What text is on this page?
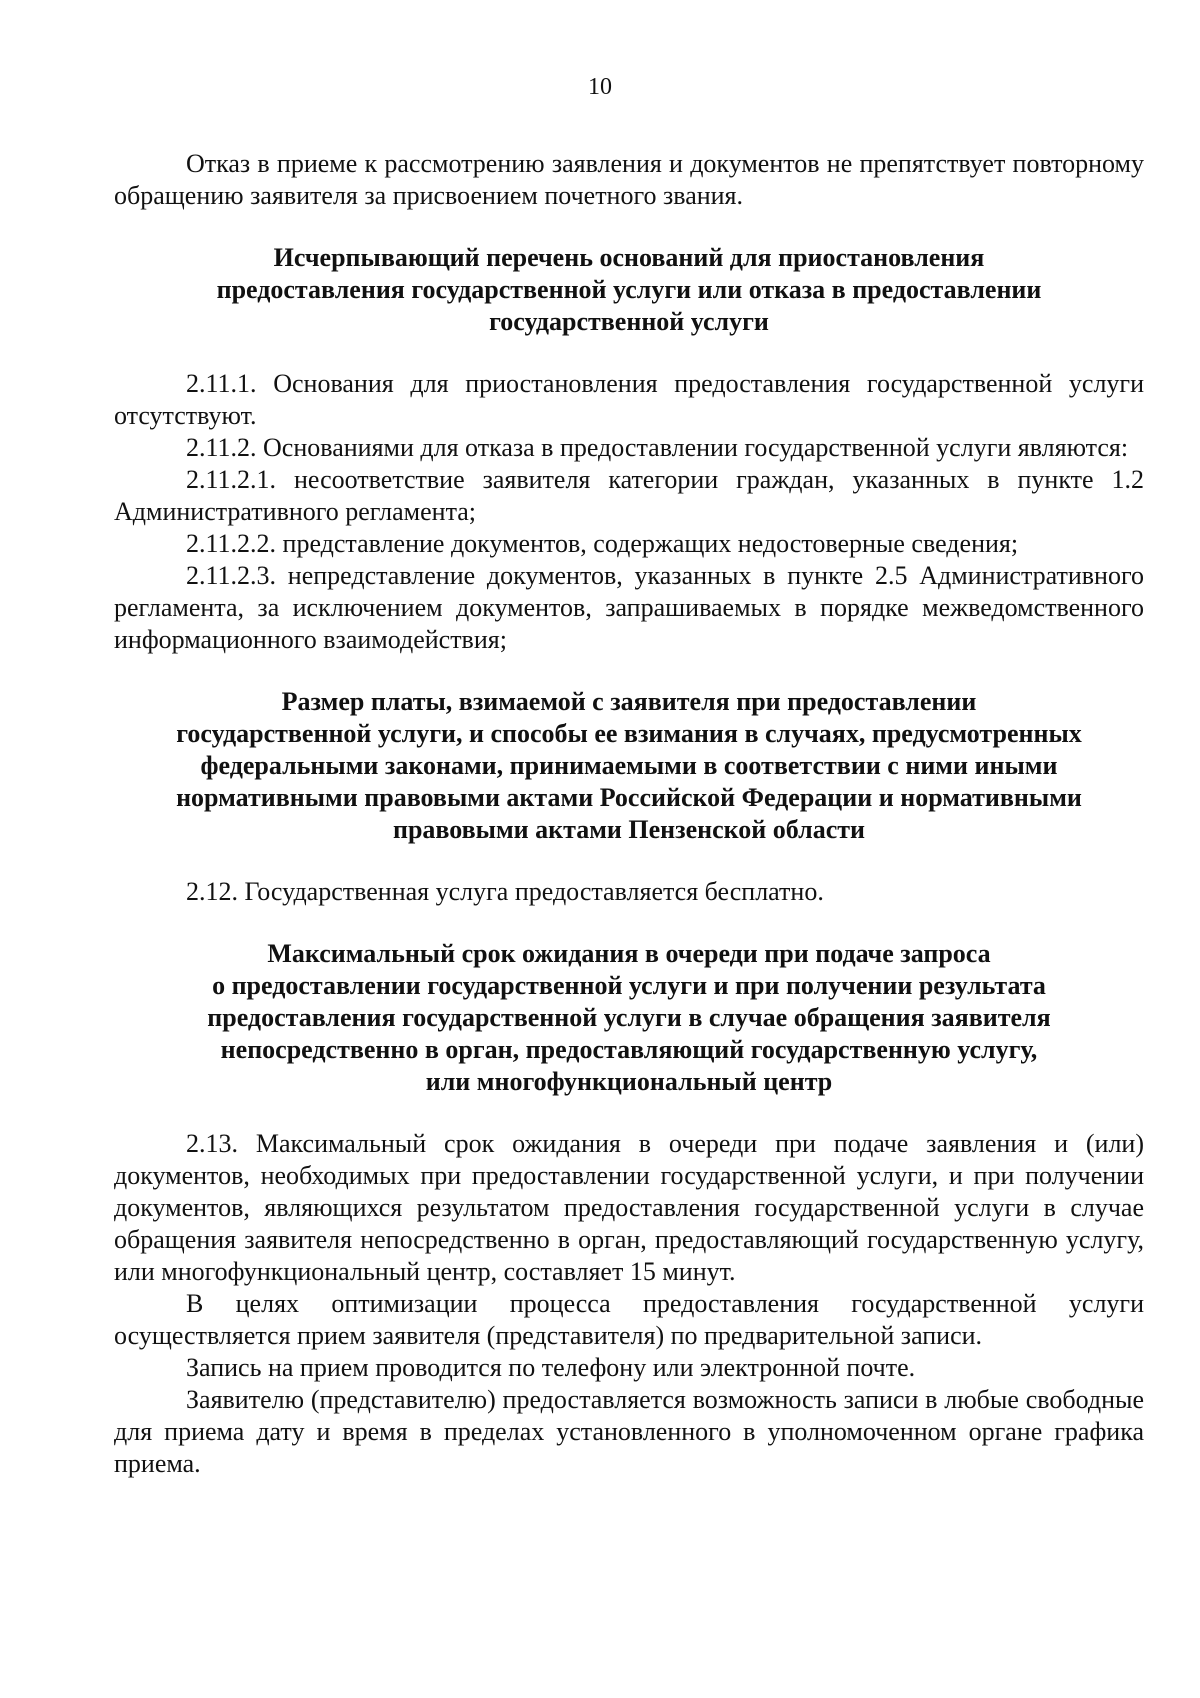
10

Отказ в приеме к рассмотрению заявления и документов не препятствует повторному обращению заявителя за присвоением почетного звания.

Исчерпывающий перечень оснований для приостановления
предоставления государственной услуги или отказа в предоставлении
государственной услуги

2.11.1. Основания для приостановления предоставления государственной услуги отсутствуют.

2.11.2. Основаниями для отказа в предоставлении государственной услуги являются:

2.11.2.1. несоответствие заявителя категории граждан, указанных в пункте 1.2 Административного регламента;

2.11.2.2. представление документов, содержащих недостоверные сведения;

2.11.2.3. непредставление документов, указанных в пункте 2.5 Административного регламента, за исключением документов, запрашиваемых в порядке межведомственного информационного взаимодействия;

Размер платы, взимаемой с заявителя при предоставлении
государственной услуги, и способы ее взимания в случаях, предусмотренных
федеральными законами, принимаемыми в соответствии с ними иными
нормативными правовыми актами Российской Федерации и нормативными
правовыми актами Пензенской области

2.12. Государственная услуга предоставляется бесплатно.

Максимальный срок ожидания в очереди при подаче запроса
о предоставлении государственной услуги и при получении результата
предоставления государственной услуги в случае обращения заявителя
непосредственно в орган, предоставляющий государственную услугу,
или многофункциональный центр

2.13. Максимальный срок ожидания в очереди при подаче заявления и (или) документов, необходимых при предоставлении государственной услуги, и при получении документов, являющихся результатом предоставления государственной услуги в случае обращения заявителя непосредственно в орган, предоставляющий государственную услугу, или многофункциональный центр, составляет 15 минут.

В целях оптимизации процесса предоставления государственной услуги осуществляется прием заявителя (представителя) по предварительной записи.

Запись на прием проводится по телефону или электронной почте.

Заявителю (представителю) предоставляется возможность записи в любые свободные для приема дату и время в пределах установленного в уполномоченном органе графика приема.
